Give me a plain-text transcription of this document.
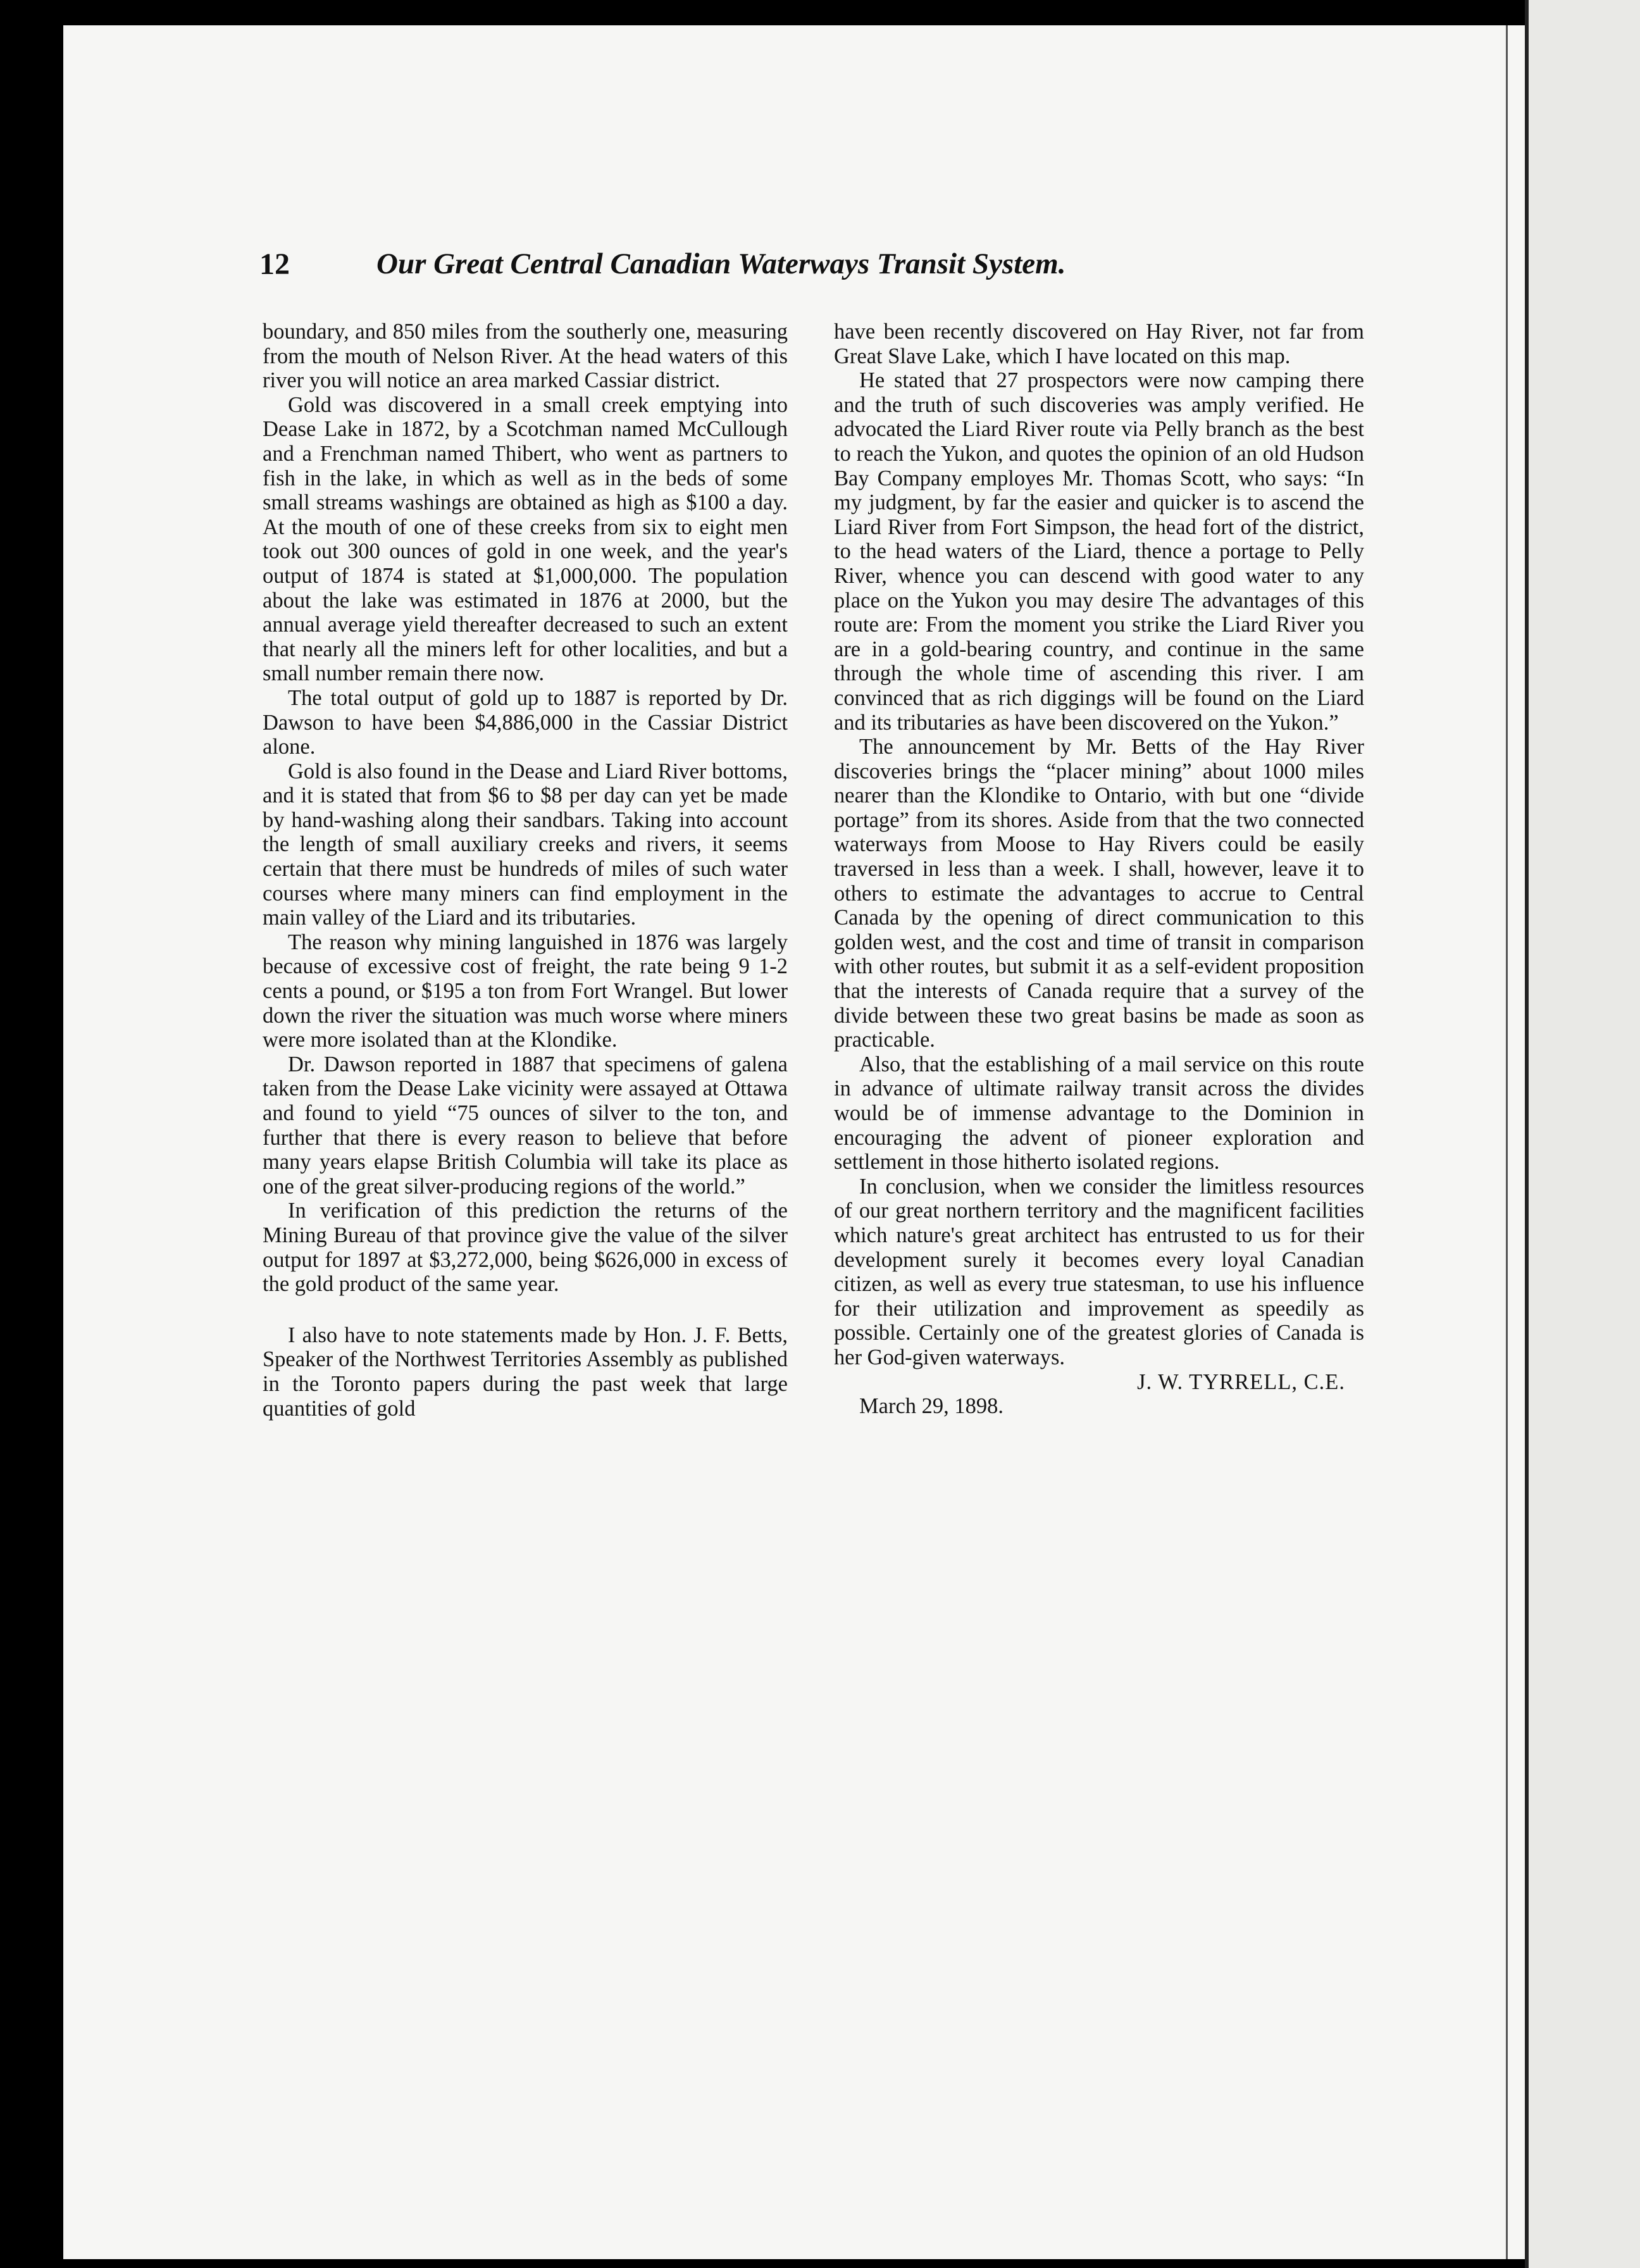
12	Our Great Central Canadian Waterways Transit System.

boundary, and 850 miles from the southerly one, measuring from the mouth of Nelson River. At the head waters of this river you will notice an area marked Cassiar district.

Gold was discovered in a small creek emptying into Dease Lake in 1872, by a Scotchman named McCullough and a Frenchman named Thibert, who went as partners to fish in the lake, in which as well as in the beds of some small streams washings are obtained as high as $100 a day. At the mouth of one of these creeks from six to eight men took out 300 ounces of gold in one week, and the year's output of 1874 is stated at $1,000,000. The population about the lake was estimated in 1876 at 2000, but the annual average yield thereafter decreased to such an extent that nearly all the miners left for other localities, and but a small number remain there now.

The total output of gold up to 1887 is reported by Dr. Dawson to have been $4,886,000 in the Cassiar District alone.

Gold is also found in the Dease and Liard River bottoms, and it is stated that from $6 to $8 per day can yet be made by hand-washing along their sandbars. Taking into account the length of small auxiliary creeks and rivers, it seems certain that there must be hundreds of miles of such water courses where many miners can find employment in the main valley of the Liard and its tributaries.

The reason why mining languished in 1876 was largely because of excessive cost of freight, the rate being 9 1-2 cents a pound, or $195 a ton from Fort Wrangel. But lower down the river the situation was much worse where miners were more isolated than at the Klondike.

Dr. Dawson reported in 1887 that specimens of galena taken from the Dease Lake vicinity were assayed at Ottawa and found to yield “75 ounces of silver to the ton, and further that there is every reason to believe that before many years elapse British Columbia will take its place as one of the great silver-producing regions of the world.”

In verification of this prediction the returns of the Mining Bureau of that province give the value of the silver output for 1897 at $3,272,000, being $626,000 in excess of the gold product of the same year.

I also have to note statements made by Hon. J. F. Betts, Speaker of the Northwest Territories Assembly as published in the Toronto papers during the past week that large quantities of gold

have been recently discovered on Hay River, not far from Great Slave Lake, which I have located on this map.

He stated that 27 prospectors were now camping there and the truth of such discoveries was amply verified. He advocated the Liard River route via Pelly branch as the best to reach the Yukon, and quotes the opinion of an old Hudson Bay Company employes Mr. Thomas Scott, who says: “In my judgment, by far the easier and quicker is to ascend the Liard River from Fort Simpson, the head fort of the district, to the head waters of the Liard, thence a portage to Pelly River, whence you can descend with good water to any place on the Yukon you may desire The advantages of this route are: From the moment you strike the Liard River you are in a gold-bearing country, and continue in the same through the whole time of ascending this river. I am convinced that as rich diggings will be found on the Liard and its tributaries as have been discovered on the Yukon.”

The announcement by Mr. Betts of the Hay River discoveries brings the “placer mining” about 1000 miles nearer than the Klondike to Ontario, with but one “divide portage” from its shores. Aside from that the two connected waterways from Moose to Hay Rivers could be easily traversed in less than a week. I shall, however, leave it to others to estimate the advantages to accrue to Central Canada by the opening of direct communication to this golden west, and the cost and time of transit in comparison with other routes, but submit it as a self-evident proposition that the interests of Canada require that a survey of the divide between these two great basins be made as soon as practicable.

Also, that the establishing of a mail service on this route in advance of ultimate railway transit across the divides would be of immense advantage to the Dominion in encouraging the advent of pioneer exploration and settlement in those hitherto isolated regions.

In conclusion, when we consider the limitless resources of our great northern territory and the magnificent facilities which nature's great architect has entrusted to us for their development surely it becomes every loyal Canadian citizen, as well as every true statesman, to use his influence for their utilization and improvement as speedily as possible. Certainly one of the greatest glories of Canada is her God-given waterways.

J. W. TYRRELL, C.E.

March 29, 1898.
